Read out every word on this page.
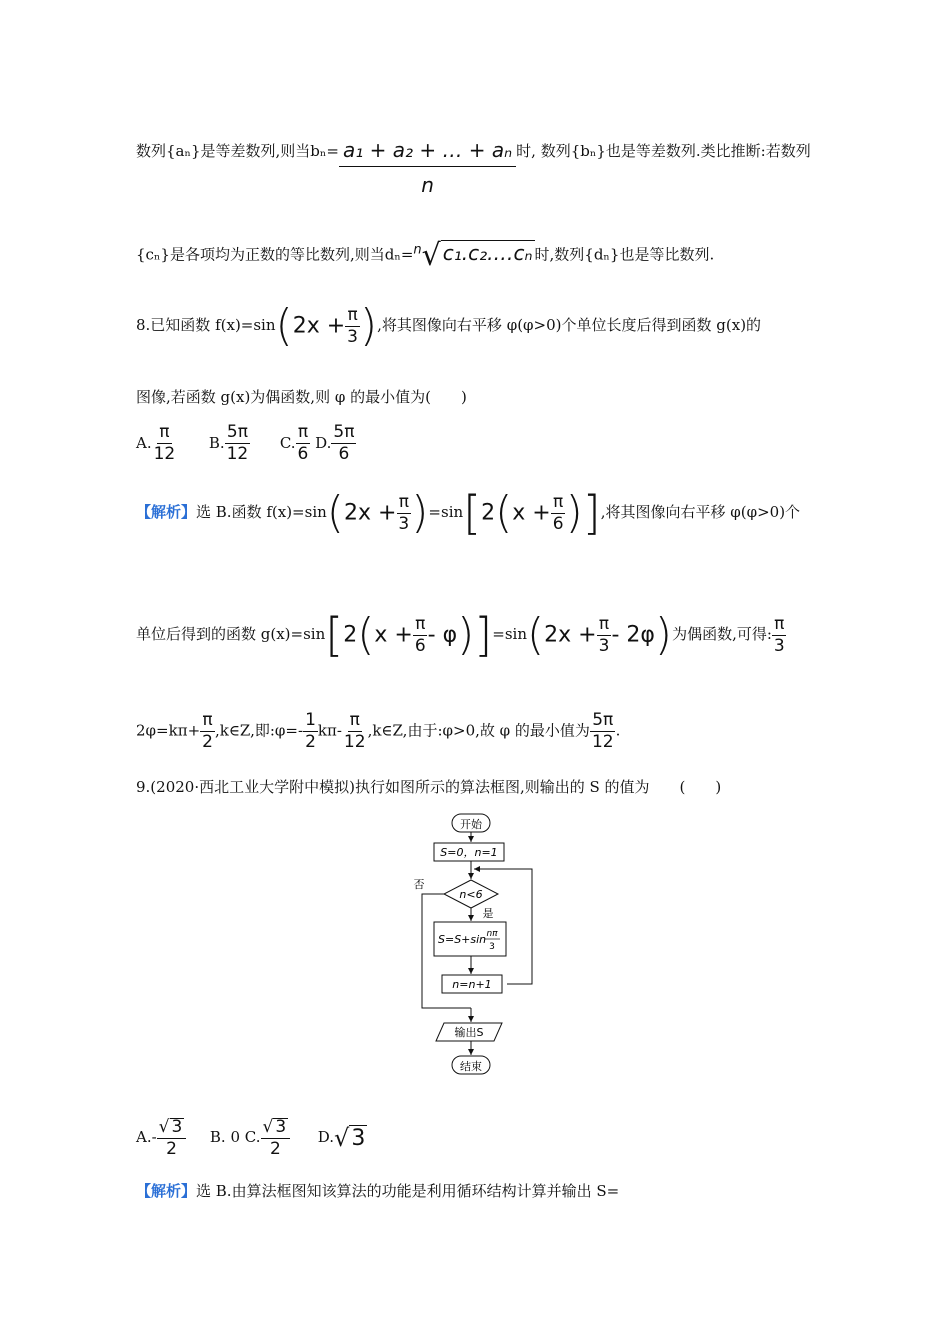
数列{aₙ}是等差数列,则当$b_n= \frac{\text{a₁ + a₂ + … + aₙ}}{n}$ 时, 数列{bₙ}也是等差数列.类比推断:若数列
{cₙ}是各项均为正数的等比数列,则当dₙ=n√ c₁.c₂.…cₙ 时,数列{dₙ}也是等比数列.
8.已知函数 $f(x)=\sin(2x + \frac{\pi}{3}$ ),将其图像向右平移 φ(φ>0)个单位长度后得到函数 g(x)的
图像,若函数 g(x)为偶函数,则 φ 的最小值为(　　)
A. $\frac{\pi}{12} B$. $\frac{5\pi}{12} C$. $\frac{\pi}{6} D$. $\frac{5\pi}{6}$
【解析】选 B.函数 $f(x)=\sin(2x + \frac{\pi}{3} )=\sin[2(x + \frac{\pi}{6}$ )],将其图像向右平移 φ(φ>0)个
单位后得到的函数 $g(x)=\sin[2(x + \frac{\pi}{6} - \varphi)]=\sin(2x + \frac{\pi}{3} - 2\varphi)$为偶函数,可得: $\frac{\pi}{3}$
$2\varphi=k\pi+ \frac{\pi}{2}$ ,k∈Z,即:φ=- $\frac{1}{2} k\pi- \frac{\pi}{12}$ ,k∈Z,由于:φ>0,故 φ 的最小值为 $\frac{5\pi}{12}$ .
9.(2020·西北工业大学附中模拟)执行如图所示的算法框图,则输出的 S 的值为　　(　　)
开始
S=0，n=1
n<6
否
是
S=S+sin nπ
3
n=n+1
输出S
结束
$A.- \frac{√ 3}{2} B$. 0 C. $\frac{√ 3}{2} D.√3$
【解析】选 B.由算法框图知该算法的功能是利用循环结构计算并输出 S=
